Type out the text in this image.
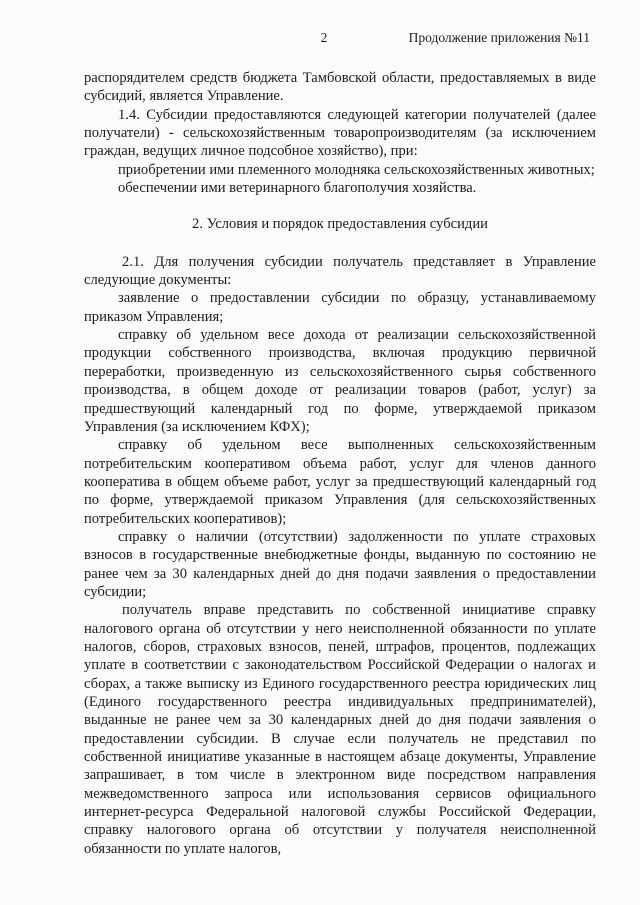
2	Продолжение приложения №11

распорядителем средств бюджета Тамбовской области, предоставляемых в виде субсидий, является Управление.

1.4. Субсидии предоставляются следующей категории получателей (далее получатели) - сельскохозяйственным товаропроизводителям (за исключением граждан, ведущих личное подсобное хозяйство), при:

приобретении ими племенного молодняка сельскохозяйственных животных;

обеспечении ими ветеринарного благополучия хозяйства.

2. Условия и порядок предоставления субсидии

2.1. Для получения субсидии получатель представляет в Управление следующие документы:

заявление о предоставлении субсидии по образцу, устанавливаемому приказом Управления;

справку об удельном весе дохода от реализации сельскохозяйственной продукции собственного производства, включая продукцию первичной переработки, произведенную из сельскохозяйственного сырья собственного производства, в общем доходе от реализации товаров (работ, услуг) за предшествующий календарный год по форме, утверждаемой приказом Управления (за исключением КФХ);

справку об удельном весе выполненных сельскохозяйственным потребительским кооперативом объема работ, услуг для членов данного кооператива в общем объеме работ, услуг за предшествующий календарный год по форме, утверждаемой приказом Управления (для сельскохозяйственных потребительских кооперативов);

справку о наличии (отсутствии) задолженности по уплате страховых взносов в государственные внебюджетные фонды, выданную по состоянию не ранее чем за 30 календарных дней до дня подачи заявления о предоставлении субсидии;

получатель вправе представить по собственной инициативе справку налогового органа об отсутствии у него неисполненной обязанности по уплате налогов, сборов, страховых взносов, пеней, штрафов, процентов, подлежащих уплате в соответствии с законодательством Российской Федерации о налогах и сборах, а также выписку из Единого государственного реестра юридических лиц (Единого государственного реестра индивидуальных предпринимателей), выданные не ранее чем за 30 календарных дней до дня подачи заявления о предоставлении субсидии. В случае если получатель не представил по собственной инициативе указанные в настоящем абзаце документы, Управление запрашивает, в том числе в электронном виде посредством направления межведомственного запроса или использования сервисов официального интернет-ресурса Федеральной налоговой службы Российской Федерации, справку налогового органа об отсутствии у получателя неисполненной обязанности по уплате налогов,
